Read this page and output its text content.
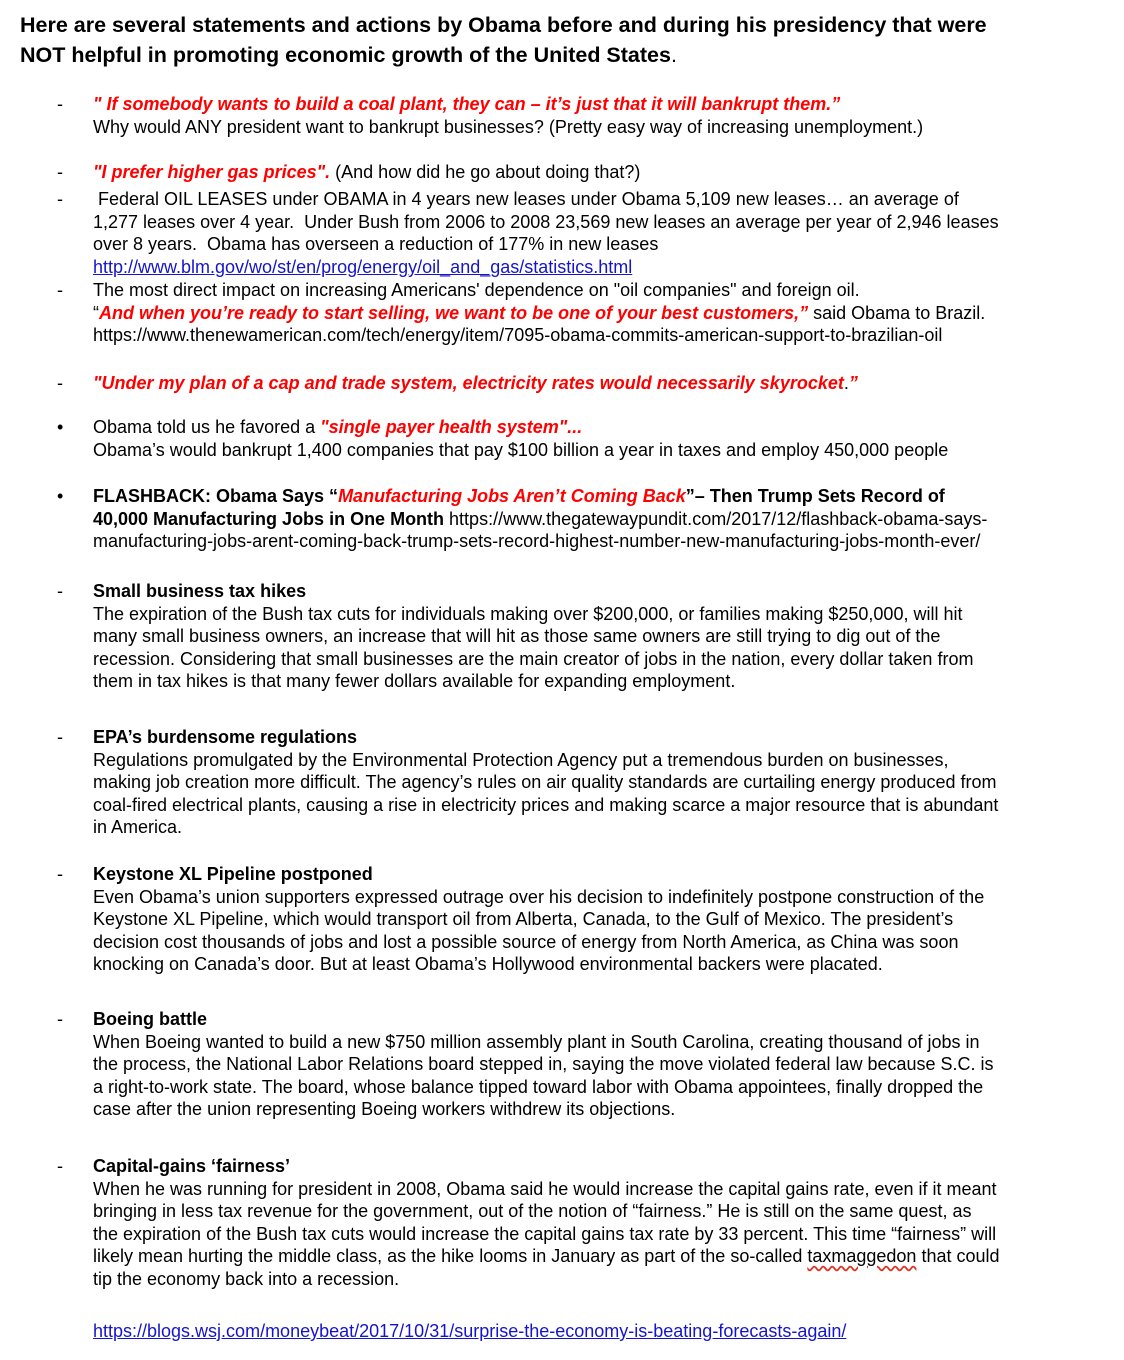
Here are several statements and actions by Obama before and during his presidency that were
NOT helpful in promoting economic growth of the United States.
-	" If somebody wants to build a coal plant, they can – it’s just that it will bankrupt them.”
Why would ANY president want to bankrupt businesses? (Pretty easy way of increasing unemployment.)
-	"I prefer higher gas prices". (And how did he go about doing that?)
-	Federal OIL LEASES under OBAMA in 4 years new leases under Obama 5,109 new leases… an average of
1,277 leases over 4 year.  Under Bush from 2006 to 2008 23,569 new leases an average per year of 2,946 leases
over 8 years.  Obama has overseen a reduction of 177% in new leases
http://www.blm.gov/wo/st/en/prog/energy/oil_and_gas/statistics.html
-	The most direct impact on increasing Americans' dependence on "oil companies" and foreign oil.
“And when you’re ready to start selling, we want to be one of your best customers,” said Obama to Brazil.
https://www.thenewamerican.com/tech/energy/item/7095-obama-commits-american-support-to-brazilian-oil
-	"Under my plan of a cap and trade system, electricity rates would necessarily skyrocket.”
•	Obama told us he favored a "single payer health system"...
Obama’s would bankrupt 1,400 companies that pay $100 billion a year in taxes and employ 450,000 people
•	FLASHBACK: Obama Says “Manufacturing Jobs Aren’t Coming Back”– Then Trump Sets Record of
40,000 Manufacturing Jobs in One Month https://www.thegatewaypundit.com/2017/12/flashback-obama-says-
manufacturing-jobs-arent-coming-back-trump-sets-record-highest-number-new-manufacturing-jobs-month-ever/
-	Small business tax hikes
The expiration of the Bush tax cuts for individuals making over $200,000, or families making $250,000, will hit
many small business owners, an increase that will hit as those same owners are still trying to dig out of the
recession. Considering that small businesses are the main creator of jobs in the nation, every dollar taken from
them in tax hikes is that many fewer dollars available for expanding employment.
-	EPA’s burdensome regulations
Regulations promulgated by the Environmental Protection Agency put a tremendous burden on businesses,
making job creation more difficult. The agency’s rules on air quality standards are curtailing energy produced from
coal-fired electrical plants, causing a rise in electricity prices and making scarce a major resource that is abundant
in America.
-	Keystone XL Pipeline postponed
Even Obama’s union supporters expressed outrage over his decision to indefinitely postpone construction of the
Keystone XL Pipeline, which would transport oil from Alberta, Canada, to the Gulf of Mexico. The president’s
decision cost thousands of jobs and lost a possible source of energy from North America, as China was soon
knocking on Canada’s door. But at least Obama’s Hollywood environmental backers were placated.
-	Boeing battle
When Boeing wanted to build a new $750 million assembly plant in South Carolina, creating thousand of jobs in
the process, the National Labor Relations board stepped in, saying the move violated federal law because S.C. is
a right-to-work state. The board, whose balance tipped toward labor with Obama appointees, finally dropped the
case after the union representing Boeing workers withdrew its objections.
-	Capital-gains ‘fairness’
When he was running for president in 2008, Obama said he would increase the capital gains rate, even if it meant
bringing in less tax revenue for the government, out of the notion of “fairness.” He is still on the same quest, as
the expiration of the Bush tax cuts would increase the capital gains tax rate by 33 percent. This time “fairness” will
likely mean hurting the middle class, as the hike looms in January as part of the so-called taxmaggedon that could
tip the economy back into a recession.
https://blogs.wsj.com/moneybeat/2017/10/31/surprise-the-economy-is-beating-forecasts-again/
